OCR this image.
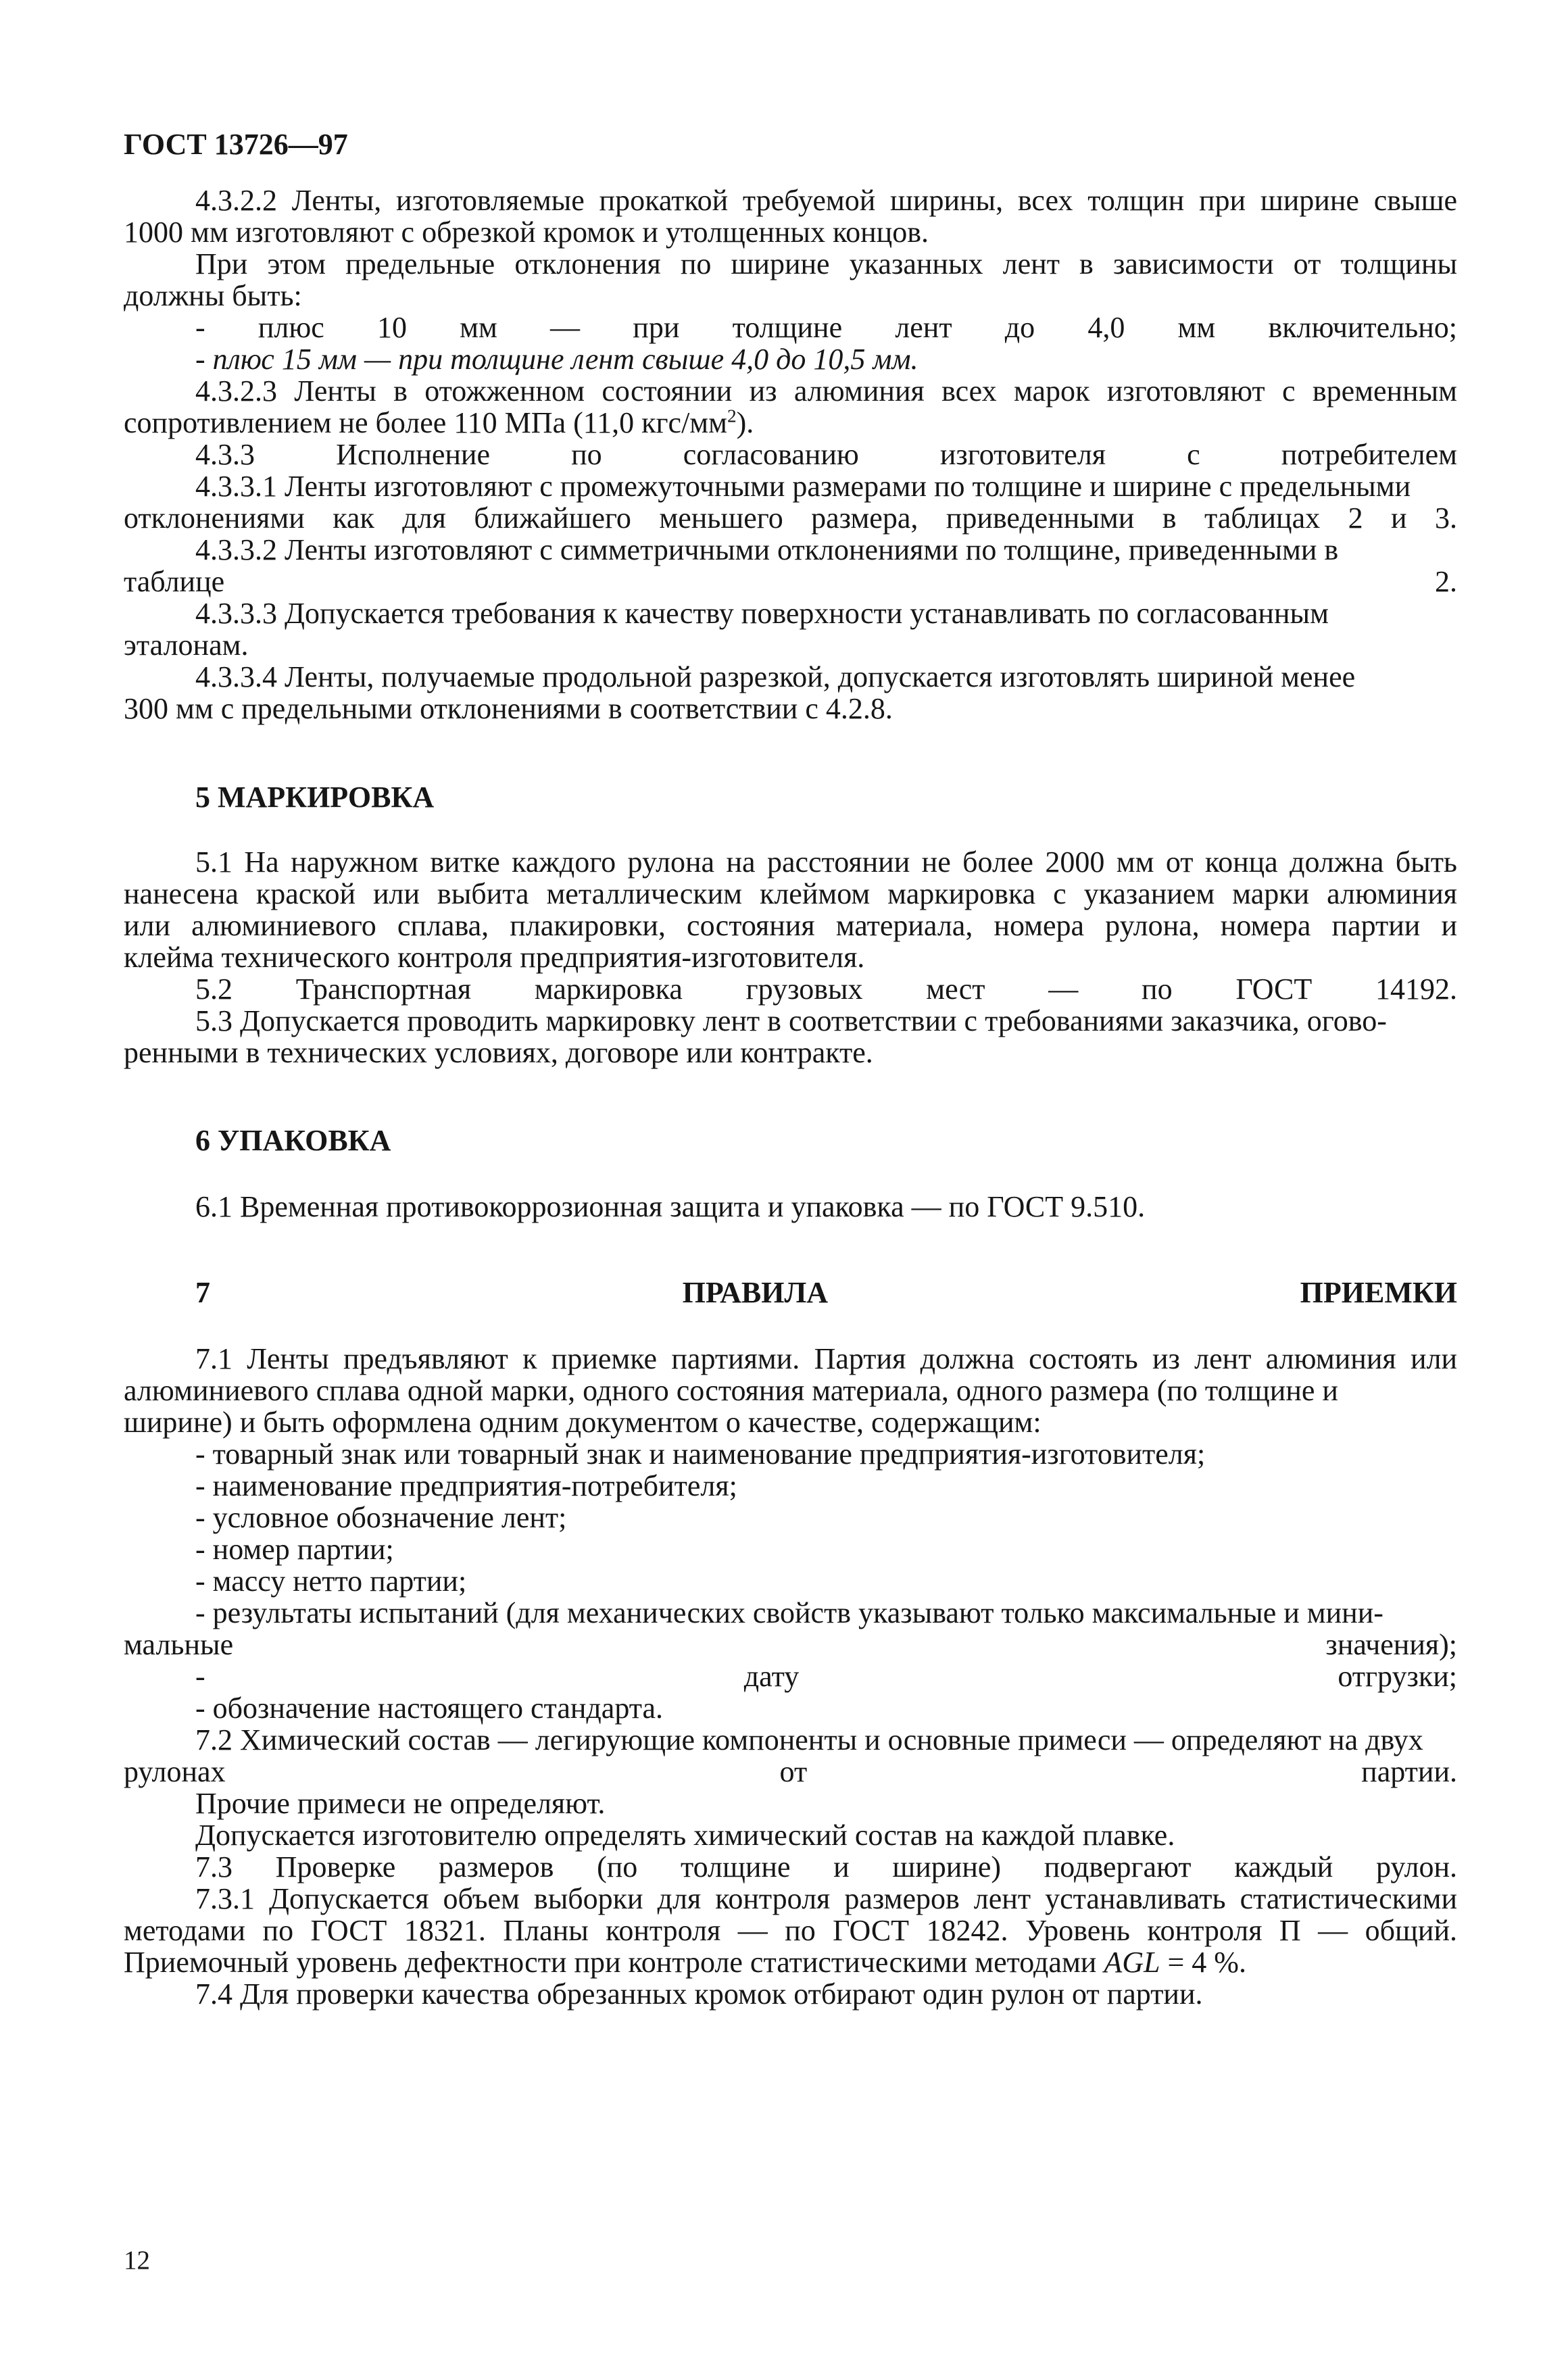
ГОСТ 13726—97
4.3.2.2 Ленты, изготовляемые прокаткой требуемой ширины, всех толщин при ширине свыше
1000 мм изготовляют с обрезкой кромок и утолщенных концов.
При этом предельные отклонения по ширине указанных лент в зависимости от толщины
должны быть:
- плюс 10 мм — при толщине лент до 4,0 мм включительно;
- плюс 15 мм — при толщине лент свыше 4,0 до 10,5 мм.
4.3.2.3 Ленты в отожженном состоянии из алюминия всех марок изготовляют с временным
сопротивлением не более 110 МПа (11,0 кгс/$мм^2$).
4.3.3 Исполнение по согласованию изготовителя с потребителем
4.3.3.1 Ленты изготовляют с промежуточными размерами по толщине и ширине с предельными
отклонениями как для ближайшего меньшего размера, приведенными в таблицах 2 и 3.
4.3.3.2 Ленты изготовляют с симметричными отклонениями по толщине, приведенными в
таблице 2.
4.3.3.3 Допускается требования к качеству поверхности устанавливать по согласованным
эталонам.
4.3.3.4 Ленты, получаемые продольной разрезкой, допускается изготовлять шириной менее
300 мм с предельными отклонениями в соответствии с 4.2.8.
5 МАРКИРОВКА
5.1 На наружном витке каждого рулона на расстоянии не более 2000 мм от конца должна быть
нанесена краской или выбита металлическим клеймом маркировка с указанием марки алюминия
или алюминиевого сплава, плакировки, состояния материала, номера рулона, номера партии и
клейма технического контроля предприятия-изготовителя.
5.2 Транспортная маркировка грузовых мест — по ГОСТ 14192.
5.3 Допускается проводить маркировку лент в соответствии с требованиями заказчика, огово-
ренными в технических условиях, договоре или контракте.
6 УПАКОВКА
6.1 Временная противокоррозионная защита и упаковка — по ГОСТ 9.510.
7 ПРАВИЛА ПРИЕМКИ
7.1 Ленты предъявляют к приемке партиями. Партия должна состоять из лент алюминия или
алюминиевого сплава одной марки, одного состояния материала, одного размера (по толщине и
ширине) и быть оформлена одним документом о качестве, содержащим:
- товарный знак или товарный знак и наименование предприятия-изготовителя;
- наименование предприятия-потребителя;
- условное обозначение лент;
- номер партии;
- массу нетто партии;
- результаты испытаний (для механических свойств указывают только максимальные и мини-
мальные значения);
- дату отгрузки;
- обозначение настоящего стандарта.
7.2 Химический состав — легирующие компоненты и основные примеси — определяют на двух
рулонах от партии.
Прочие примеси не определяют.
Допускается изготовителю определять химический состав на каждой плавке.
7.3 Проверке размеров (по толщине и ширине) подвергают каждый рулон.
7.3.1 Допускается объем выборки для контроля размеров лент устанавливать статистическими
методами по ГОСТ 18321. Планы контроля — по ГОСТ 18242. Уровень контроля П — общий.
Приемочный уровень дефектности при контроле статистическими методами AGL = 4 %.
7.4 Для проверки качества обрезанных кромок отбирают один рулон от партии.
12
